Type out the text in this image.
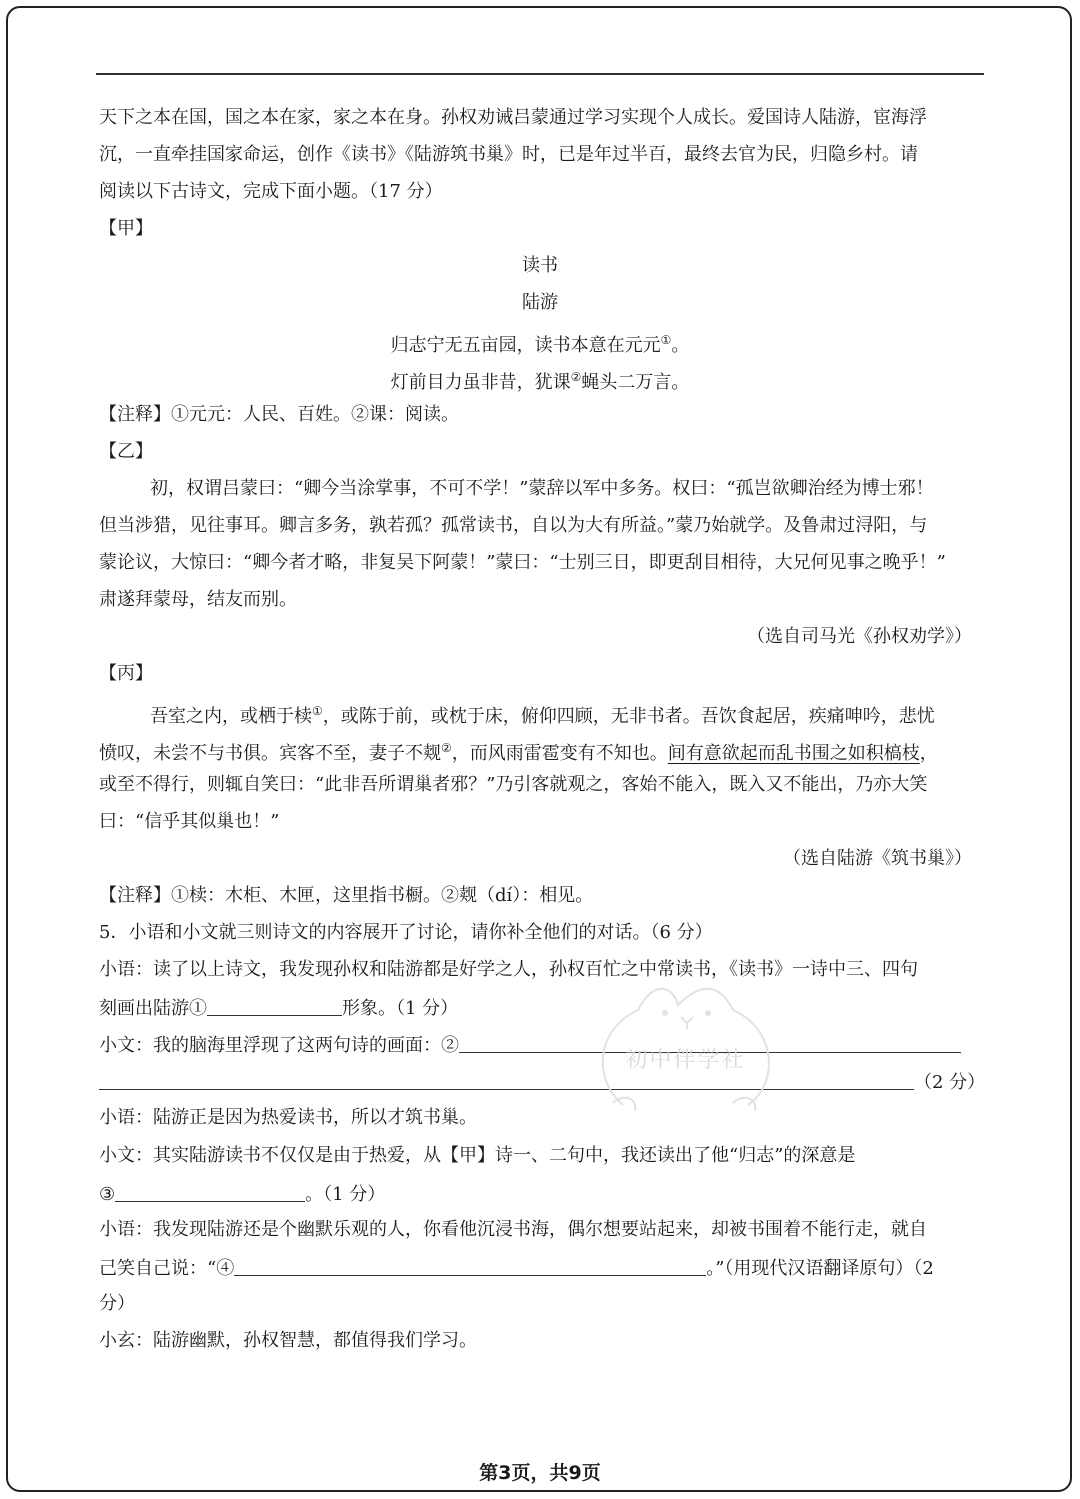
天下之本在国，国之本在家，家之本在身。孙权劝诫吕蒙通过学习实现个人成长。爱国诗人陆游，宦海浮
沉，一直牵挂国家命运，创作《读书》《陆游筑书巢》时，已是年过半百，最终去官为民，归隐乡村。请
阅读以下古诗文，完成下面小题。（17 分）
【甲】
读书
陆游
归志宁无五亩园，读书本意在元元①。
灯前目力虽非昔，犹课②蝇头二万言。
【注释】①元元：人民、百姓。②课：阅读。
【乙】
初，权谓吕蒙曰：“卿今当涂掌事，不可不学！”蒙辞以军中多务。权曰：“孤岂欲卿治经为博士邪！
但当涉猎，见往事耳。卿言多务，孰若孤？孤常读书，自以为大有所益。”蒙乃始就学。及鲁肃过浔阳，与
蒙论议，大惊曰：“卿今者才略，非复吴下阿蒙！”蒙曰：“士别三日，即更刮目相待，大兄何见事之晚乎！”
肃遂拜蒙母，结友而别。
（选自司马光《孙权劝学》）
【丙】
吾室之内，或栖于椟①，或陈于前，或枕于床，俯仰四顾，无非书者。吾饮食起居，疾痛呻吟，悲忧
愤叹，未尝不与书俱。宾客不至，妻子不觌②，而风雨雷雹变有不知也。间有意欲起而乱书围之如积槁枝，
或至不得行，则辄自笑曰：“此非吾所谓巢者邪？”乃引客就观之，客始不能入，既入又不能出，乃亦大笑
曰：“信乎其似巢也！”
（选自陆游《筑书巢》）
【注释】①椟：木柜、木匣，这里指书橱。②觌（dí）：相见。
5．小语和小文就三则诗文的内容展开了讨论，请你补全他们的对话。（6 分）
小语：读了以上诗文，我发现孙权和陆游都是好学之人，孙权百忙之中常读书，《读书》一诗中三、四句
刻画出陆游①	形象。（1 分）
小文：我的脑海里浮现了这两句诗的画面：②
（2 分）
小语：陆游正是因为热爱读书，所以才筑书巢。
小文：其实陆游读书不仅仅是由于热爱，从【甲】诗一、二句中，我还读出了他“归志”的深意是
③	。（1 分）
小语：我发现陆游还是个幽默乐观的人，你看他沉浸书海，偶尔想要站起来，却被书围着不能行走，就自
己笑自己说：“④	。”（用现代汉语翻译原句）（2
分）
小玄：陆游幽默，孙权智慧，都值得我们学习。
初中伴学社
第3页，共9页
